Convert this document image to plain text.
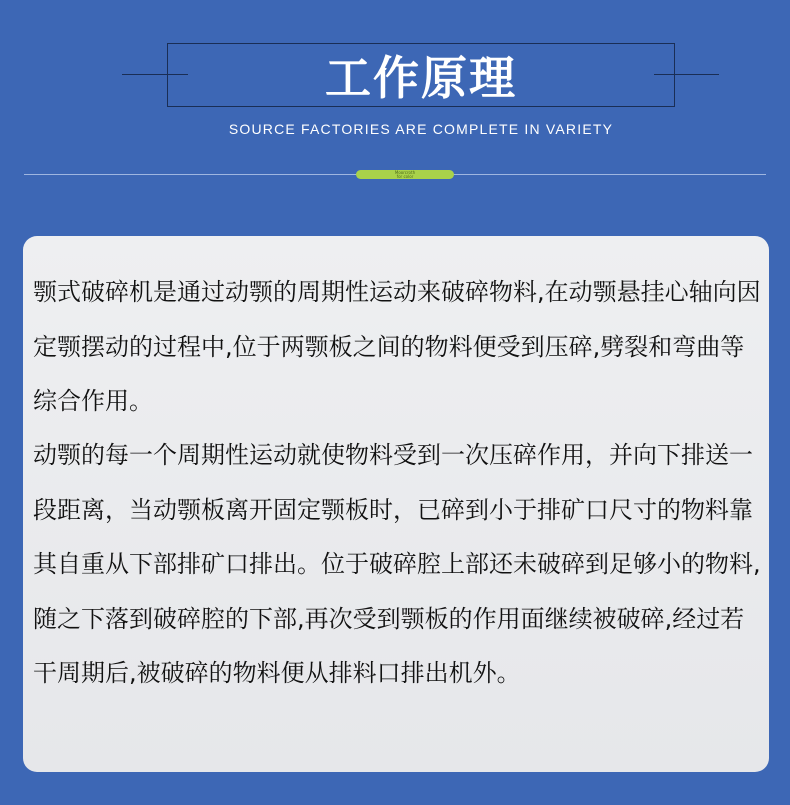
工作原理
SOURCE FACTORIES ARE COMPLETE IN VARIETY
Moorcroth
for color

颚式破碎机是通过动颚的周期性运动来破碎物料,在动颚悬挂心轴向因定颚摆动的过程中,位于两颚板之间的物料便受到压碎,劈裂和弯曲等综合作用。

动颚的每一个周期性运动就使物料受到一次压碎作用，并向下排送一段距离，当动颚板离开固定颚板时，已碎到小于排矿口尺寸的物料靠其自重从下部排矿口排出。位于破碎腔上部还未破碎到足够小的物料,随之下落到破碎腔的下部,再次受到颚板的作用面继续被破碎,经过若干周期后,被破碎的物料便从排料口排出机外。
